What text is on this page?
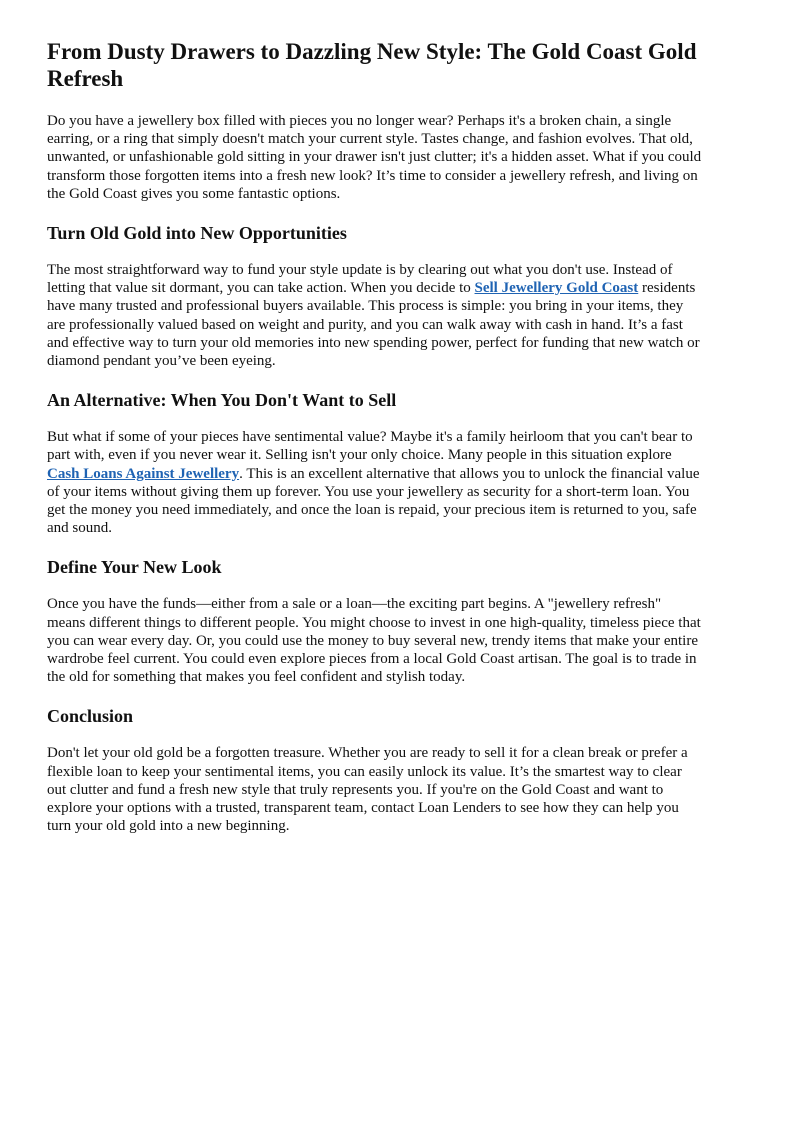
From Dusty Drawers to Dazzling New Style: The Gold Coast Gold Refresh

Do you have a jewellery box filled with pieces you no longer wear? Perhaps it's a broken chain, a single earring, or a ring that simply doesn't match your current style. Tastes change, and fashion evolves. That old, unwanted, or unfashionable gold sitting in your drawer isn't just clutter; it's a hidden asset. What if you could transform those forgotten items into a fresh new look? It’s time to consider a jewellery refresh, and living on the Gold Coast gives you some fantastic options.

Turn Old Gold into New Opportunities

The most straightforward way to fund your style update is by clearing out what you don't use. Instead of letting that value sit dormant, you can take action. When you decide to Sell Jewellery Gold Coast residents have many trusted and professional buyers available. This process is simple: you bring in your items, they are professionally valued based on weight and purity, and you can walk away with cash in hand. It’s a fast and effective way to turn your old memories into new spending power, perfect for funding that new watch or diamond pendant you’ve been eyeing.

An Alternative: When You Don't Want to Sell

But what if some of your pieces have sentimental value? Maybe it's a family heirloom that you can't bear to part with, even if you never wear it. Selling isn't your only choice. Many people in this situation explore Cash Loans Against Jewellery. This is an excellent alternative that allows you to unlock the financial value of your items without giving them up forever. You use your jewellery as security for a short-term loan. You get the money you need immediately, and once the loan is repaid, your precious item is returned to you, safe and sound.

Define Your New Look

Once you have the funds—either from a sale or a loan—the exciting part begins. A "jewellery refresh" means different things to different people. You might choose to invest in one high-quality, timeless piece that you can wear every day. Or, you could use the money to buy several new, trendy items that make your entire wardrobe feel current. You could even explore pieces from a local Gold Coast artisan. The goal is to trade in the old for something that makes you feel confident and stylish today.

Conclusion

Don't let your old gold be a forgotten treasure. Whether you are ready to sell it for a clean break or prefer a flexible loan to keep your sentimental items, you can easily unlock its value. It’s the smartest way to clear out clutter and fund a fresh new style that truly represents you. If you're on the Gold Coast and want to explore your options with a trusted, transparent team, contact Loan Lenders to see how they can help you turn your old gold into a new beginning.
